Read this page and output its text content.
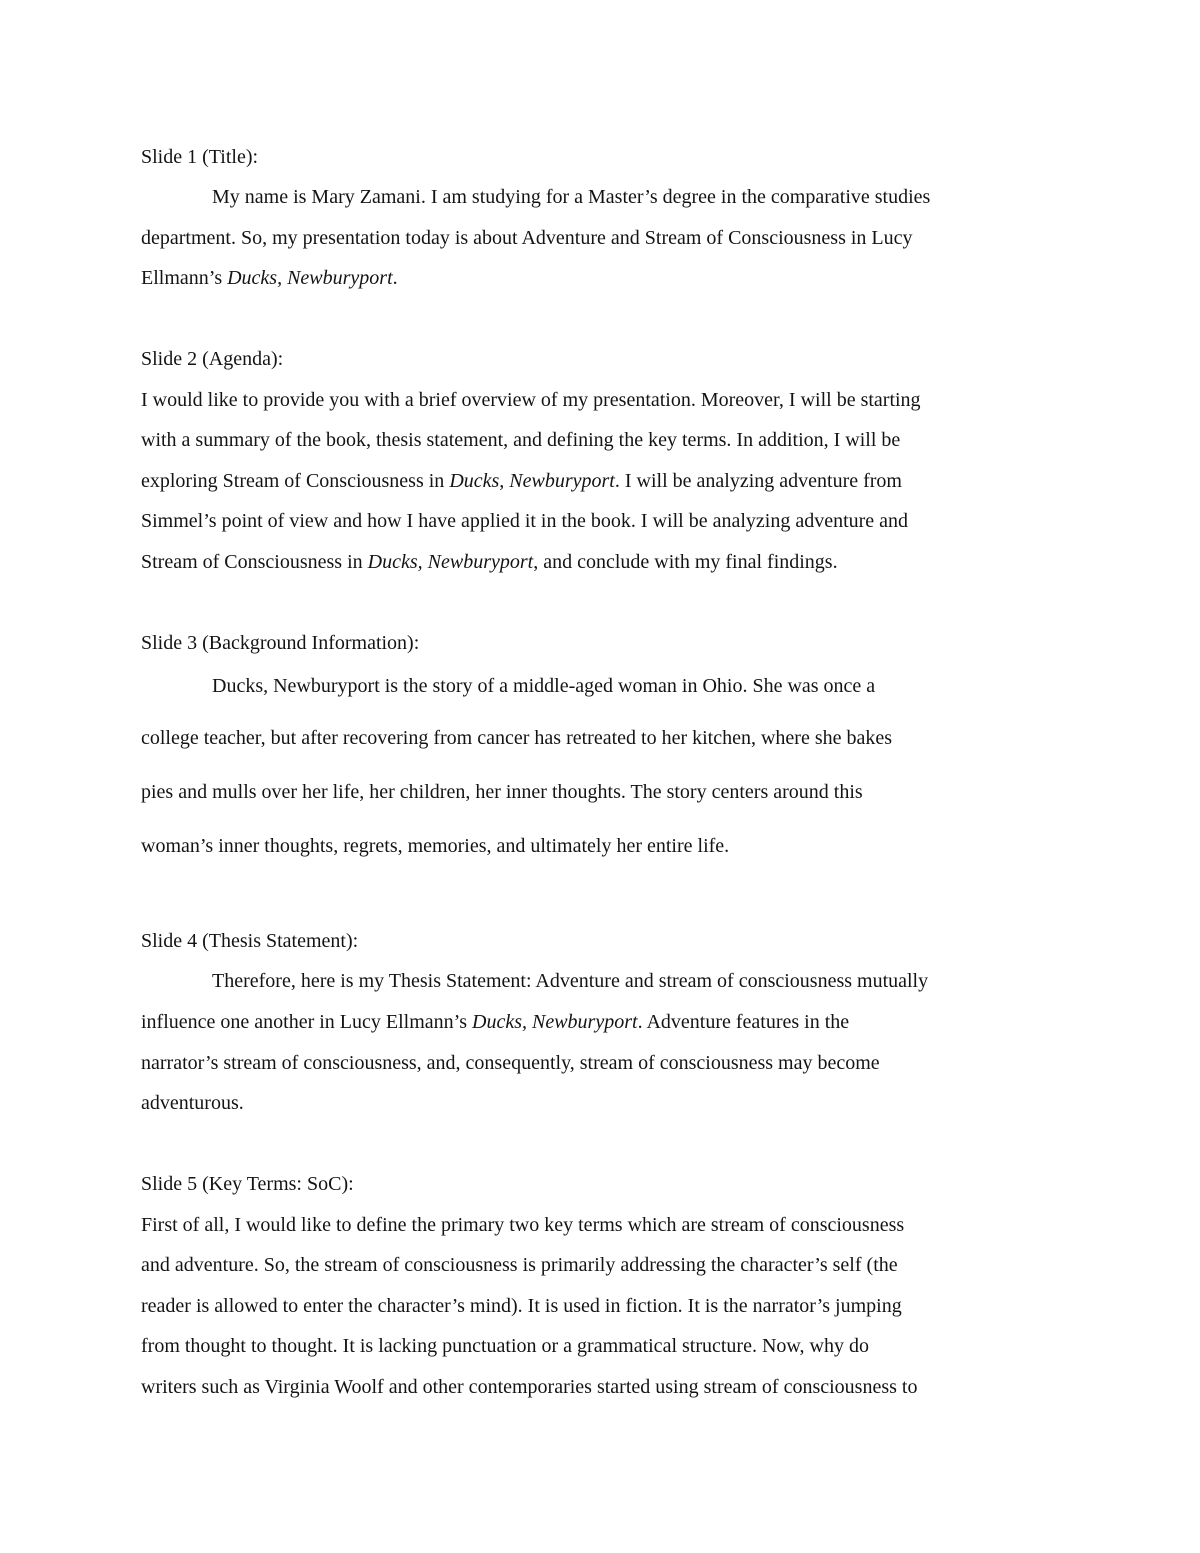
Slide 1 (Title):
My name is Mary Zamani. I am studying for a Master’s degree in the comparative studies
department. So, my presentation today is about Adventure and Stream of Consciousness in Lucy
Ellmann’s Ducks, Newburyport.
Slide 2 (Agenda):
I would like to provide you with a brief overview of my presentation. Moreover, I will be starting
with a summary of the book, thesis statement, and defining the key terms. In addition, I will be
exploring Stream of Consciousness in Ducks, Newburyport. I will be analyzing adventure from
Simmel’s point of view and how I have applied it in the book. I will be analyzing adventure and
Stream of Consciousness in Ducks, Newburyport, and conclude with my final findings.
Slide 3 (Background Information):
Ducks, Newburyport is the story of a middle-aged woman in Ohio. She was once a
college teacher, but after recovering from cancer has retreated to her kitchen, where she bakes
pies and mulls over her life, her children, her inner thoughts. The story centers around this
woman’s inner thoughts, regrets, memories, and ultimately her entire life.
Slide 4 (Thesis Statement):
Therefore, here is my Thesis Statement: Adventure and stream of consciousness mutually
influence one another in Lucy Ellmann’s Ducks, Newburyport. Adventure features in the
narrator’s stream of consciousness, and, consequently, stream of consciousness may become
adventurous.
Slide 5 (Key Terms: SoC):
First of all, I would like to define the primary two key terms which are stream of consciousness
and adventure. So, the stream of consciousness is primarily addressing the character’s self (the
reader is allowed to enter the character’s mind). It is used in fiction. It is the narrator’s jumping
from thought to thought. It is lacking punctuation or a grammatical structure. Now, why do
writers such as Virginia Woolf and other contemporaries started using stream of consciousness to
